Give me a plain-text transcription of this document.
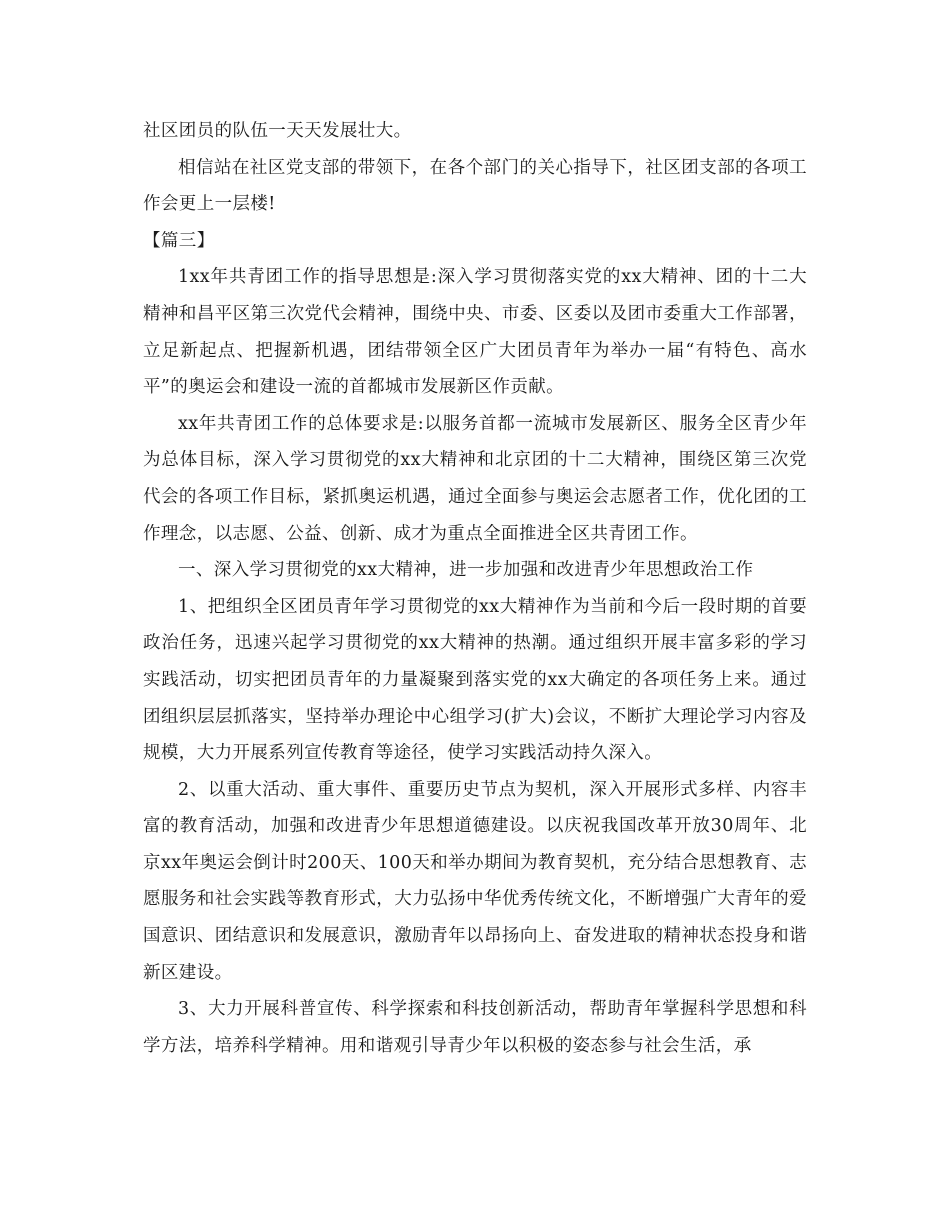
社区团员的队伍一天天发展壮大。

相信站在社区党支部的带领下，在各个部门的关心指导下，社区团支部的各项工作会更上一层楼!

【篇三】

1xx年共青团工作的指导思想是:深入学习贯彻落实党的xx大精神、团的十二大精神和昌平区第三次党代会精神，围绕中央、市委、区委以及团市委重大工作部署，立足新起点、把握新机遇，团结带领全区广大团员青年为举办一届“有特色、高水平”的奥运会和建设一流的首都城市发展新区作贡献。

xx年共青团工作的总体要求是:以服务首都一流城市发展新区、服务全区青少年为总体目标，深入学习贯彻党的xx大精神和北京团的十二大精神，围绕区第三次党代会的各项工作目标，紧抓奥运机遇，通过全面参与奥运会志愿者工作，优化团的工作理念，以志愿、公益、创新、成才为重点全面推进全区共青团工作。

一、深入学习贯彻党的xx大精神，进一步加强和改进青少年思想政治工作

1、把组织全区团员青年学习贯彻党的xx大精神作为当前和今后一段时期的首要政治任务，迅速兴起学习贯彻党的xx大精神的热潮。通过组织开展丰富多彩的学习实践活动，切实把团员青年的力量凝聚到落实党的xx大确定的各项任务上来。通过团组织层层抓落实，坚持举办理论中心组学习(扩大)会议，不断扩大理论学习内容及规模，大力开展系列宣传教育等途径，使学习实践活动持久深入。

2、以重大活动、重大事件、重要历史节点为契机，深入开展形式多样、内容丰富的教育活动，加强和改进青少年思想道德建设。以庆祝我国改革开放30周年、北京xx年奥运会倒计时200天、100天和举办期间为教育契机，充分结合思想教育、志愿服务和社会实践等教育形式，大力弘扬中华优秀传统文化，不断增强广大青年的爱国意识、团结意识和发展意识，激励青年以昂扬向上、奋发进取的精神状态投身和谐新区建设。

3、大力开展科普宣传、科学探索和科技创新活动，帮助青年掌握科学思想和科学方法，培养科学精神。用和谐观引导青少年以积极的姿态参与社会生活，承
